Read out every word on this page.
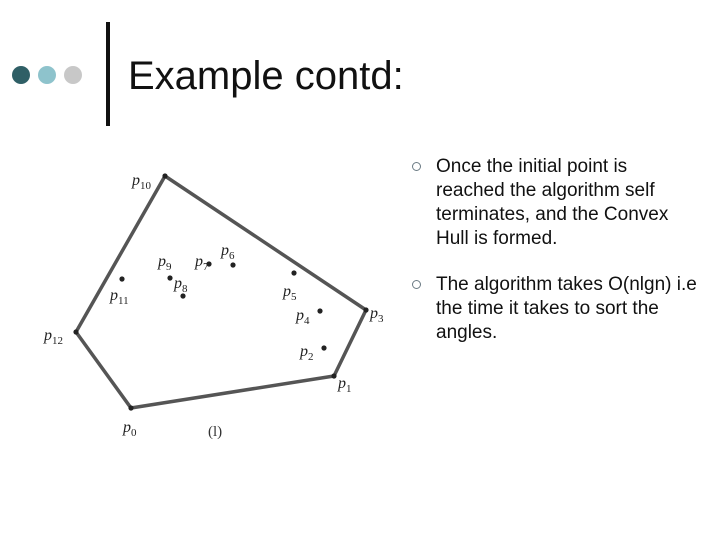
Example contd:
$p_0$
$p_1$
$p_2$
$p_3$
$p_4$
$p_5$
$p_6$
$p_7$
$p_8$
$p_9$
$p_{10}$
$p_{11}$
$p_{12}$
(l)
Once the initial point is reached the algorithm self terminates, and the Convex Hull is formed.
The algorithm takes O(nlgn) i.e the time it takes to sort the angles.
